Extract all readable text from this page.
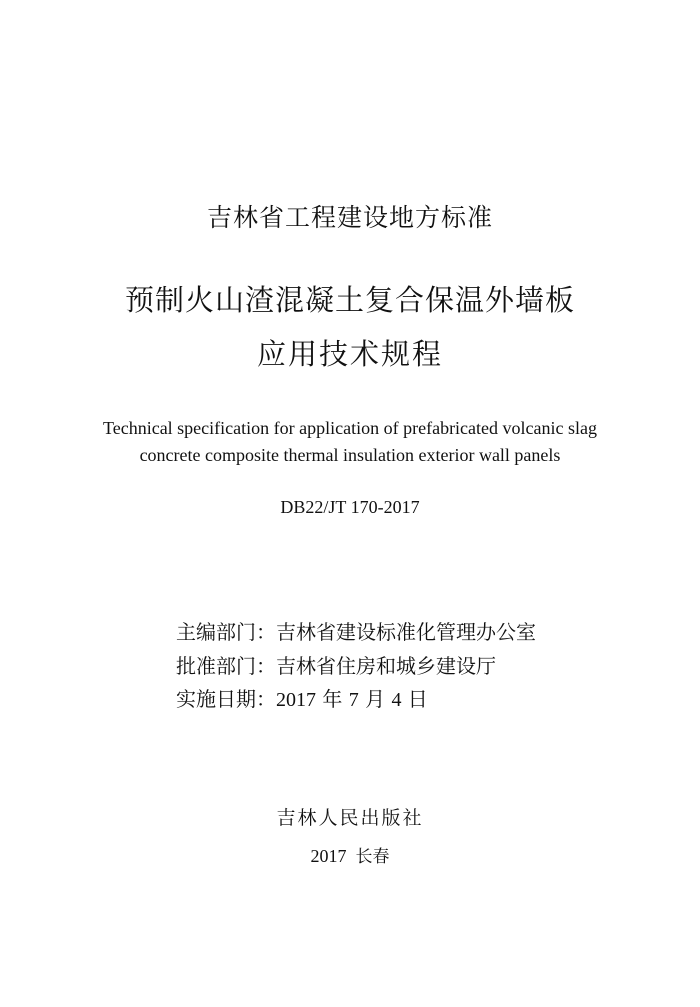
吉林省工程建设地方标准
预制火山渣混凝土复合保温外墙板
应用技术规程
Technical specification for application of prefabricated volcanic slag
concrete composite thermal insulation exterior wall panels
DB22/JT 170-2017
主编部门：吉林省建设标准化管理办公室
批准部门：吉林省住房和城乡建设厅
实施日期：2017 年 7 月 4 日
吉林人民出版社
2017 长春
